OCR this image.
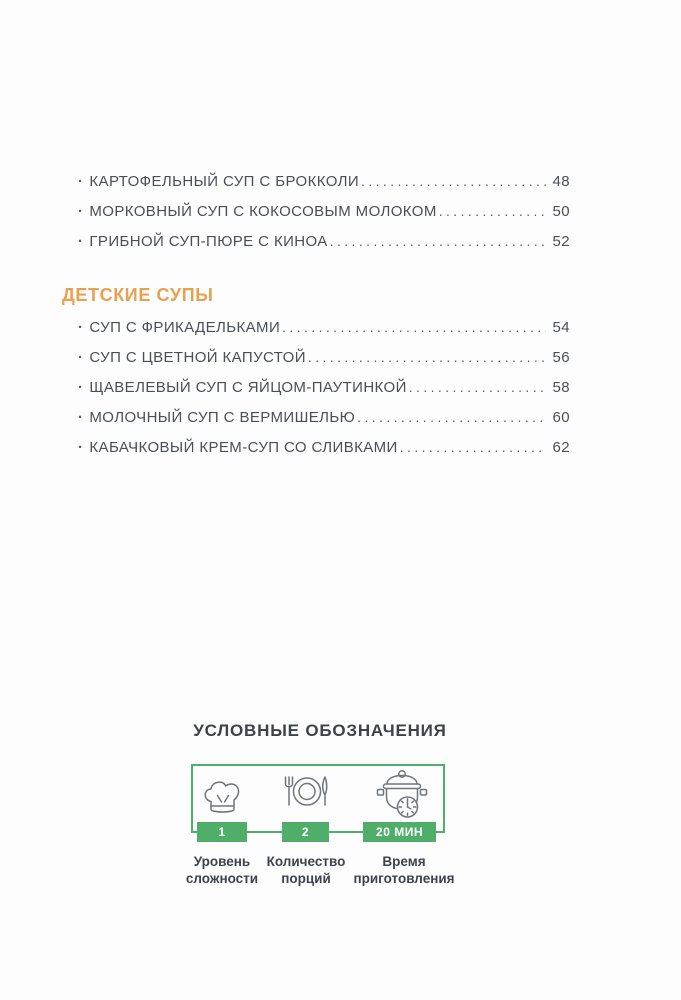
· КАРТОФЕЛЬНЫЙ СУП С БРОККОЛИ .....	48
· МОРКОВНЫЙ СУП С КОКОСОВЫМ МОЛОКОМ .....	50
· ГРИБНОЙ СУП-ПЮРЕ С КИНОА .....	52
ДЕТСКИЕ СУПЫ
· СУП С ФРИКАДЕЛЬКАМИ .....	54
· СУП С ЦВЕТНОЙ КАПУСТОЙ .....	56
· ЩАВЕЛЕВЫЙ СУП С ЯЙЦОМ-ПАУТИНКОЙ .....	58
· МОЛОЧНЫЙ СУП С ВЕРМИШЕЛЬЮ .....	60
· КАБАЧКОВЫЙ КРЕМ-СУП СО СЛИВКАМИ .....	62
УСЛОВНЫЕ ОБОЗНАЧЕНИЯ
1	2	20 МИН
Уровень
сложности
Количество
порций
Время
приготовления
